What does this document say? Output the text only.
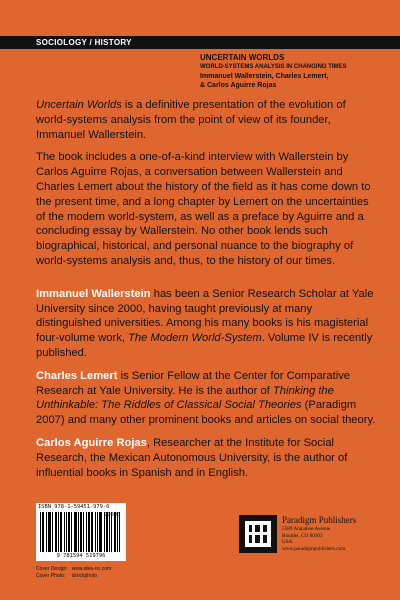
SOCIOLOGY / HISTORY
UNCERTAIN WORLDS
WORLD-SYSTEMS ANALYSIS IN CHANGING TIMES
Immanuel Wallerstein, Charles Lemert,
& Carlos Aguirre Rojas

Uncertain Worlds is a definitive presentation of the evolution of world-systems analysis from the point of view of its founder, Immanuel Wallerstein.

The book includes a one-of-a-kind interview with Wallerstein by Carlos Aguirre Rojas, a conversation between Wallerstein and Charles Lemert about the history of the field as it has come down to the present time, and a long chapter by Lemert on the uncertainties of the modern world-system, as well as a preface by Aguirre and a concluding essay by Wallerstein. No other book lends such biographical, historical, and personal nuance to the biography of world-systems analysis and, thus, to the history of our times.

Immanuel Wallerstein has been a Senior Research Scholar at Yale University since 2000, having taught previously at many distinguished universities. Among his many books is his magisterial four-volume work, The Modern World-System. Volume IV is recently published.

Charles Lemert is Senior Fellow at the Center for Comparative Research at Yale University. He is the author of Thinking the Unthinkable: The Riddles of Classical Social Theories (Paradigm 2007) and many other prominent books and articles on social theory.

Carlos Aguirre Rojas, Researcher at the Institute for Social Research, the Mexican Autonomous University, is the author of influential books in Spanish and in English.

ISBN 978-1-59451-979-6
9 781594 519796
90000
Cover Design: www.idea-no.com
Cover Photo:	istockphoto
Paradigm Publishers
5589 Arapahoe Avenue
Boulder, CO 80303
USA
www.paradigmpublishers.com
